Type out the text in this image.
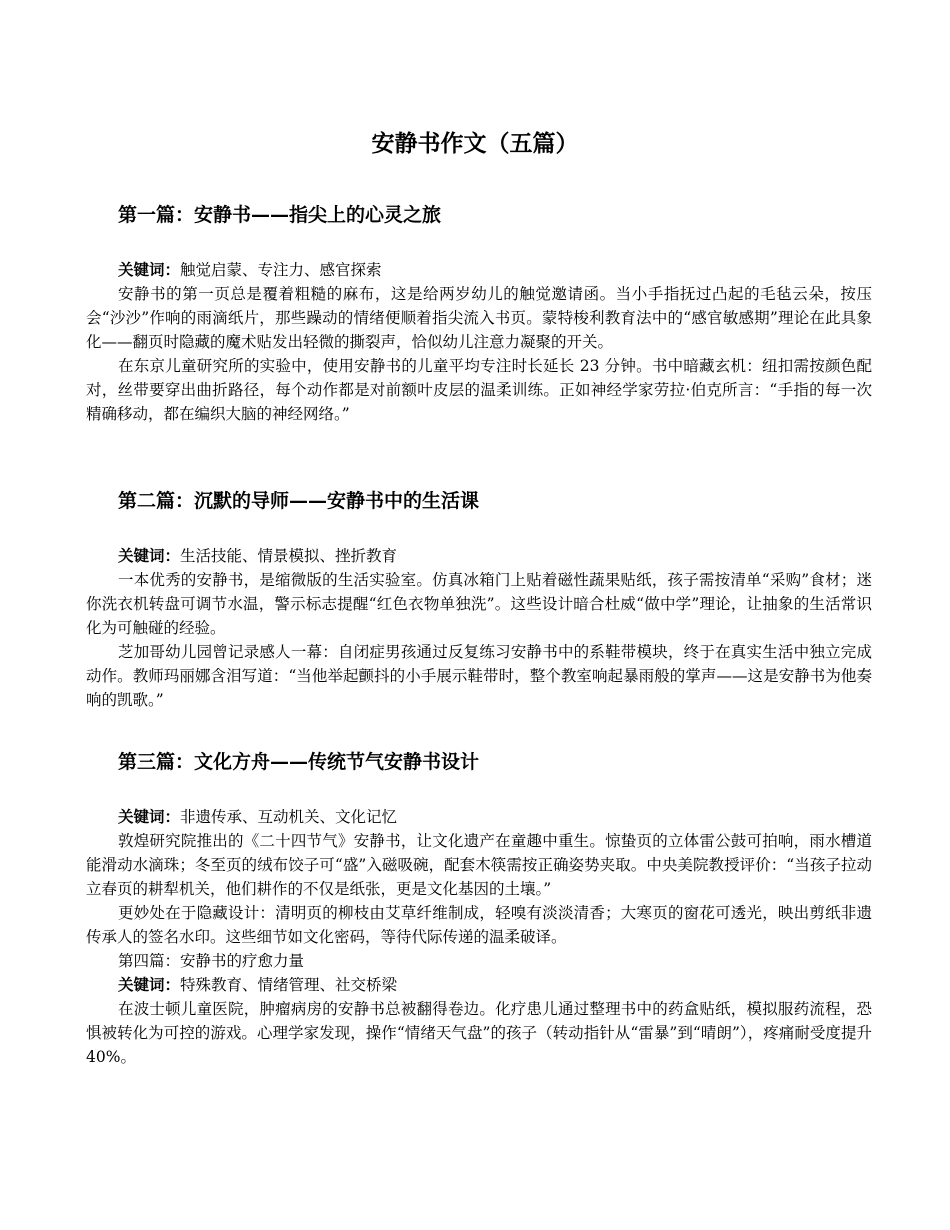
安静书作文（五篇）
第一篇：安静书——指尖上的心灵之旅

关键词：触觉启蒙、专注力、感官探索

安静书的第一页总是覆着粗糙的麻布，这是给两岁幼儿的触觉邀请函。当小手指抚过凸起的毛毡云朵，按压会“沙沙”作响的雨滴纸片，那些躁动的情绪便顺着指尖流入书页。蒙特梭利教育法中的“感官敏感期”理论在此具象化——翻页时隐藏的魔术贴发出轻微的撕裂声，恰似幼儿注意力凝聚的开关。

在东京儿童研究所的实验中，使用安静书的儿童平均专注时长延长 23 分钟。书中暗藏玄机：纽扣需按颜色配对，丝带要穿出曲折路径，每个动作都是对前额叶皮层的温柔训练。正如神经学家劳拉·伯克所言：“手指的每一次精确移动，都在编织大脑的神经网络。”

第二篇：沉默的导师——安静书中的生活课

关键词：生活技能、情景模拟、挫折教育

一本优秀的安静书，是缩微版的生活实验室。仿真冰箱门上贴着磁性蔬果贴纸，孩子需按清单“采购”食材；迷你洗衣机转盘可调节水温，警示标志提醒“红色衣物单独洗”。这些设计暗合杜威“做中学”理论，让抽象的生活常识化为可触碰的经验。

芝加哥幼儿园曾记录感人一幕：自闭症男孩通过反复练习安静书中的系鞋带模块，终于在真实生活中独立完成动作。教师玛丽娜含泪写道：“当他举起颤抖的小手展示鞋带时，整个教室响起暴雨般的掌声——这是安静书为他奏响的凯歌。”

第三篇：文化方舟——传统节气安静书设计

关键词：非遗传承、互动机关、文化记忆

敦煌研究院推出的《二十四节气》安静书，让文化遗产在童趣中重生。惊蛰页的立体雷公鼓可拍响，雨水槽道能滑动水滴珠；冬至页的绒布饺子可“盛”入磁吸碗，配套木筷需按正确姿势夹取。中央美院教授评价：“当孩子拉动立春页的耕犁机关，他们耕作的不仅是纸张，更是文化基因的土壤。”

更妙处在于隐藏设计：清明页的柳枝由艾草纤维制成，轻嗅有淡淡清香；大寒页的窗花可透光，映出剪纸非遗传承人的签名水印。这些细节如文化密码，等待代际传递的温柔破译。

第四篇：安静书的疗愈力量

关键词：特殊教育、情绪管理、社交桥梁

在波士顿儿童医院，肿瘤病房的安静书总被翻得卷边。化疗患儿通过整理书中的药盒贴纸，模拟服药流程，恐惧被转化为可控的游戏。心理学家发现，操作“情绪天气盘”的孩子（转动指针从“雷暴”到“晴朗”），疼痛耐受度提升 40%。
